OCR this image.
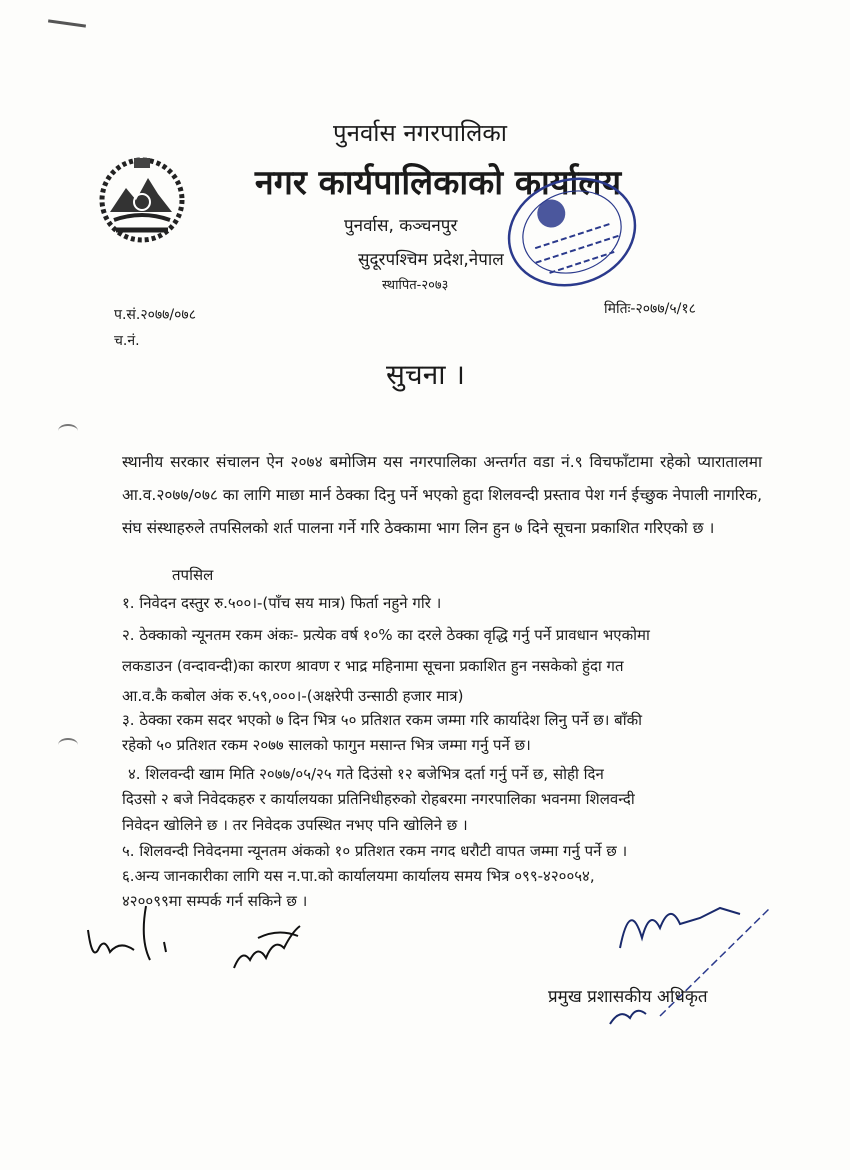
पुनर्वास नगरपालिका
नगर कार्यपालिकाको कार्यालय
पुनर्वास, कञ्चनपुर
सुदूरपश्चिम प्रदेश,नेपाल
स्थापित-२०७३
प.सं.२०७७/०७८
च.नं.
मितिः-२०७७/५/१८
सुचना ।
स्थानीय सरकार संचालन ऐन २०७४ बमोजिम यस नगरपालिका अन्तर्गत वडा नं.९ विचफाँटामा रहेको प्यारातालमा आ.व.२०७७/०७८ का लागि माछा मार्न ठेक्का दिनु पर्ने भएको हुदा शिलवन्दी प्रस्ताव पेश गर्न ईच्छुक नेपाली नागरिक, संघ संस्थाहरुले तपसिलको शर्त पालना गर्ने गरि ठेक्कामा भाग लिन हुन ७ दिने सूचना प्रकाशित गरिएको छ ।
तपसिल
१. निवेदन दस्तुर रु.५००।-(पाँच सय मात्र) फिर्ता नहुने गरि ।
२. ठेक्काको न्यूनतम रकम अंकः- प्रत्येक वर्ष १०% का दरले ठेक्का वृद्धि गर्नु पर्ने प्रावधान भएकोमा
लकडाउन (वन्दावन्दी)का कारण श्रावण र भाद्र महिनामा सूचना प्रकाशित हुन नसकेको हुंदा गत
आ.व.कै कबोल अंक रु.५९,०००।-(अक्षरेपी उन्साठी हजार मात्र)
३. ठेक्का रकम सदर भएको ७ दिन भित्र ५० प्रतिशत रकम जम्मा गरि कार्यादेश लिनु पर्ने छ। बाँकी
रहेको ५० प्रतिशत रकम २०७७ सालको फागुन मसान्त भित्र जम्मा गर्नु पर्ने छ।
४. शिलवन्दी खाम मिति २०७७/०५/२५ गते दिउंसो १२ बजेभित्र दर्ता गर्नु पर्ने छ, सोही दिन
दिउसो २ बजे निवेदकहरु र कार्यालयका प्रतिनिधीहरुको रोहबरमा नगरपालिका भवनमा शिलवन्दी
निवेदन खोलिने छ । तर निवेदक उपस्थित नभए पनि खोलिने छ ।
५. शिलवन्दी निवेदनमा न्यूनतम अंकको १० प्रतिशत रकम नगद धरौटी वापत जम्मा गर्नु पर्ने छ ।
६.अन्य जानकारीका लागि यस न.पा.को कार्यालयमा कार्यालय समय भित्र ०९९-४२००५४,
४२००९९मा सम्पर्क गर्न सकिने छ ।
प्रमुख प्रशासकीय अधिकृत
